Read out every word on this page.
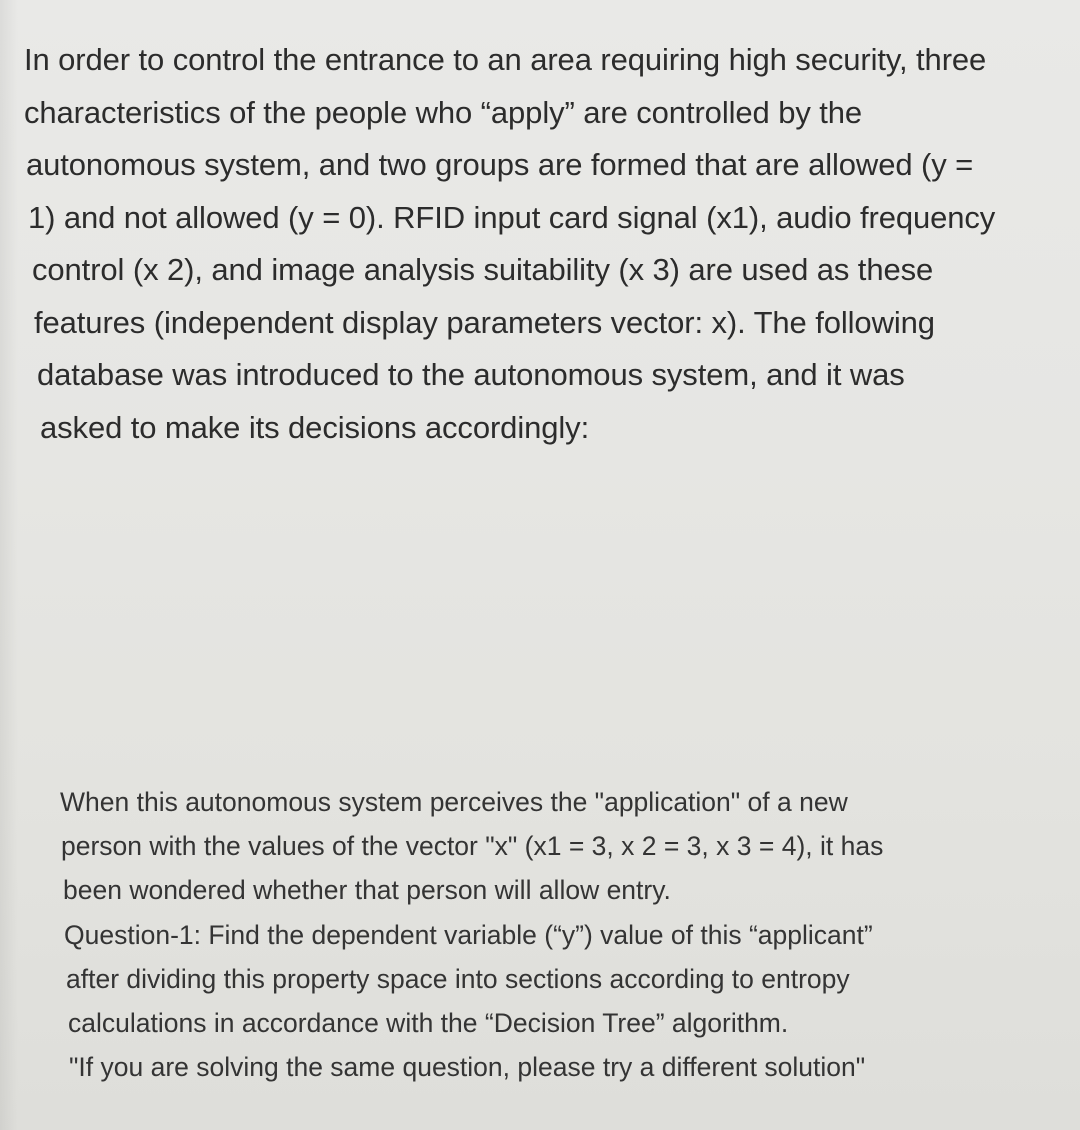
In order to control the entrance to an area requiring high security, three
characteristics of the people who “apply” are controlled by the
autonomous system, and two groups are formed that are allowed (y =
1) and not allowed (y = 0). RFID input card signal (x1), audio frequency
control (x 2), and image analysis suitability (x 3) are used as these
features (independent display parameters vector: x). The following
database was introduced to the autonomous system, and it was
asked to make its decisions accordingly:

When this autonomous system perceives the "application" of a new
person with the values of the vector "x" (x1 = 3, x 2 = 3, x 3 = 4), it has
been wondered whether that person will allow entry.
Question-1: Find the dependent variable (“y”) value of this “applicant”
after dividing this property space into sections according to entropy
calculations in accordance with the “Decision Tree” algorithm.
"If you are solving the same question, please try a different solution"
